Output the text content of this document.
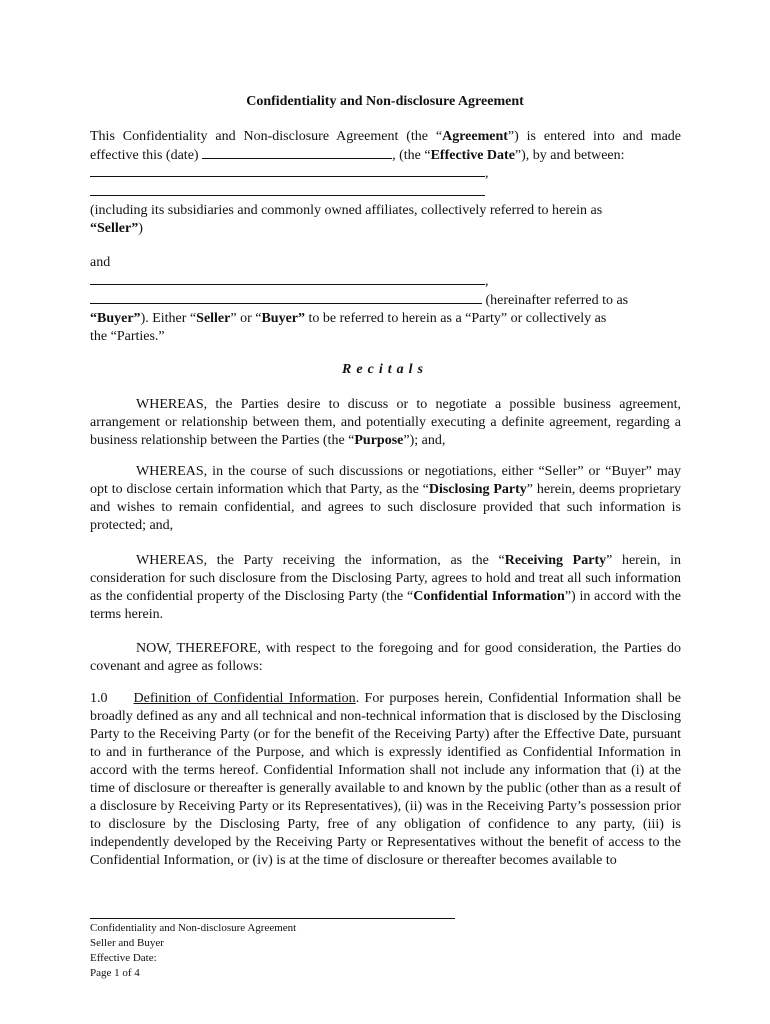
Confidentiality and Non-disclosure Agreement
This Confidentiality and Non-disclosure Agreement (the “Agreement”) is entered into and made
effective this (date)	, (the “Effective Date”), by and between:
,
(including its subsidiaries and commonly owned affiliates, collectively referred to herein as
“Seller”)
and
,
(hereinafter referred to as
“Buyer”). Either “Seller” or “Buyer” to be referred to herein as a “Party” or collectively as
the “Parties.”
Recitals
WHEREAS, the Parties desire to discuss or to negotiate a possible business agreement, arrangement or relationship between them, and potentially executing a definite agreement, regarding a business relationship between the Parties (the “Purpose”); and,
WHEREAS, in the course of such discussions or negotiations, either “Seller” or “Buyer” may opt to disclose certain information which that Party, as the “Disclosing Party” herein, deems proprietary and wishes to remain confidential, and agrees to such disclosure provided that such information is protected; and,
WHEREAS, the Party receiving the information, as the “Receiving Party” herein, in consideration for such disclosure from the Disclosing Party, agrees to hold and treat all such information as the confidential property of the Disclosing Party (the “Confidential Information”) in accord with the terms herein.
NOW, THEREFORE, with respect to the foregoing and for good consideration, the Parties do covenant and agree as follows:
1.0 Definition of Confidential Information. For purposes herein, Confidential Information shall be broadly defined as any and all technical and non-technical information that is disclosed by the Disclosing Party to the Receiving Party (or for the benefit of the Receiving Party) after the Effective Date, pursuant to and in furtherance of the Purpose, and which is expressly identified as Confidential Information in accord with the terms hereof. Confidential Information shall not include any information that (i) at the time of disclosure or thereafter is generally available to and known by the public (other than as a result of a disclosure by Receiving Party or its Representatives), (ii) was in the Receiving Party’s possession prior to disclosure by the Disclosing Party, free of any obligation of confidence to any party, (iii) is independently developed by the Receiving Party or Representatives without the benefit of access to the Confidential Information, or (iv) is at the time of disclosure or thereafter becomes available to
Confidentiality and Non-disclosure Agreement
Seller and Buyer
Effective Date:
Page 1 of 4
